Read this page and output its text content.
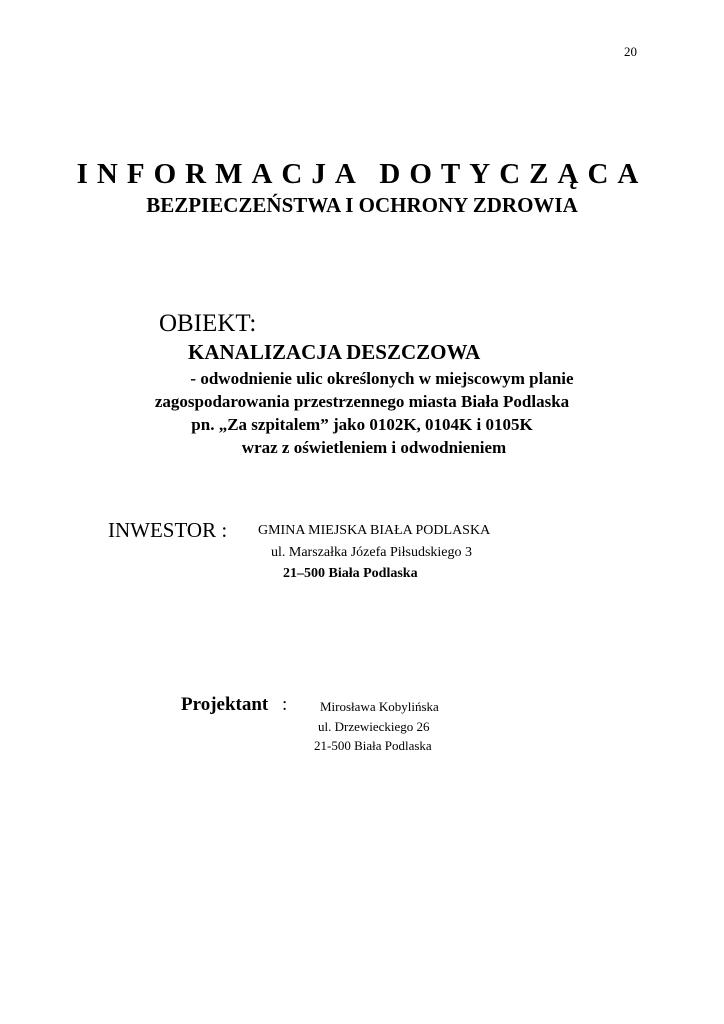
20
INFORMACJA DOTYCZĄCA
BEZPIECZEŃSTWA I OCHRONY ZDROWIA
OBIEKT:
KANALIZACJA DESZCZOWA
- odwodnienie ulic określonych w miejscowym planie
zagospodarowania przestrzennego miasta Biała Podlaska
pn. „Za szpitalem” jako 0102K, 0104K i 0105K
wraz z oświetleniem i odwodnieniem
INWESTOR : GMINA MIEJSKA BIAŁA PODLASKA
ul. Marszałka Józefa Piłsudskiego 3
21–500 Biała Podlaska
Projektant :	Mirosława Kobylińska
ul. Drzewieckiego 26
21-500 Biała Podlaska
